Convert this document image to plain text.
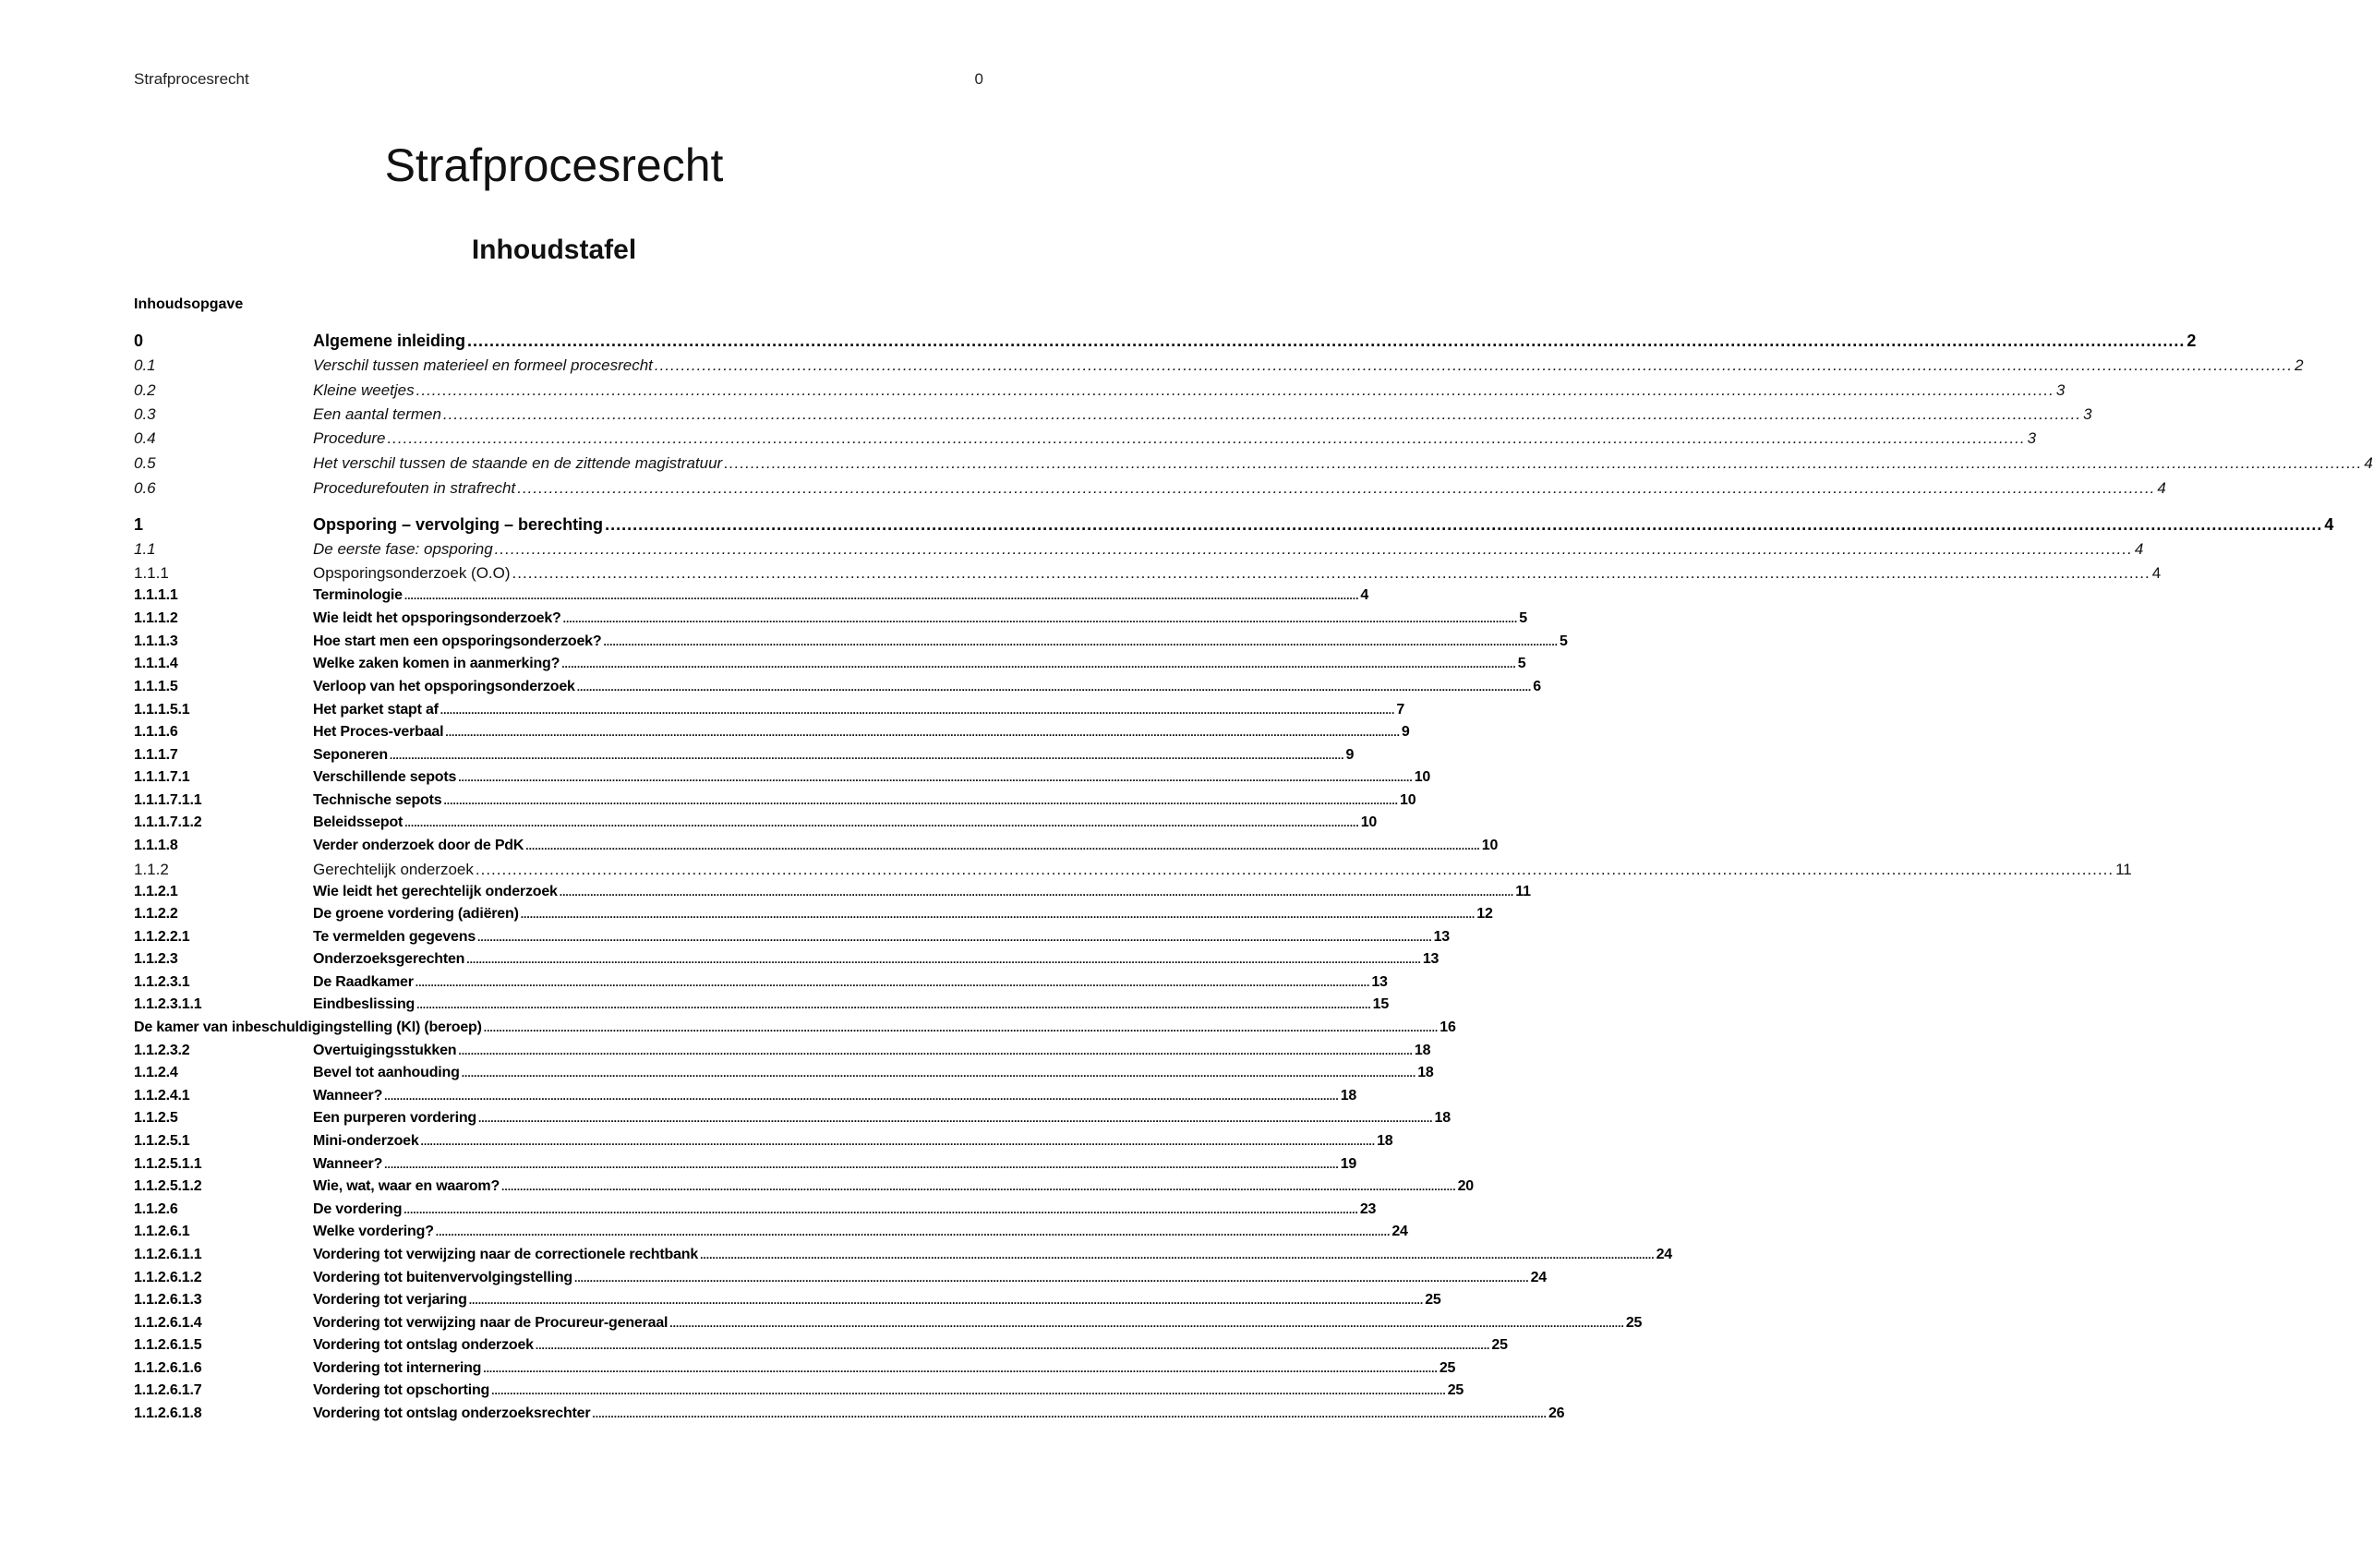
Strafprocesrecht	0
Strafprocesrecht
Inhoudstafel
Inhoudsopgave
0	Algemene inleiding .....	2
0.1	Verschil tussen materieel en formeel procesrecht .....	2
0.2	Kleine weetjes .....	3
0.3	Een aantal termen .....	3
0.4	Procedure .....	3
0.5	Het verschil tussen de staande en de zittende magistratuur .....	4
0.6	Procedurefouten in strafrecht .....	4
1	Opsporing – vervolging – berechting .....	4
1.1	De eerste fase: opsporing .....	4
1.1.1	Opsporingsonderzoek (O.O) .....	4
1.1.1.1	Terminologie .....	4
1.1.1.2	Wie leidt het opsporingsonderzoek? .....	5
1.1.1.3	Hoe start men een opsporingsonderzoek? .....	5
1.1.1.4	Welke zaken komen in aanmerking? .....	5
1.1.1.5	Verloop van het opsporingsonderzoek .....	6
1.1.1.5.1	Het parket stapt af .....	7
1.1.1.6	Het Proces-verbaal .....	9
1.1.1.7	Seponeren .....	9
1.1.1.7.1	Verschillende sepots .....	10
1.1.1.7.1.1	Technische sepots .....	10
1.1.1.7.1.2	Beleidssepot .....	10
1.1.1.8	Verder onderzoek door de PdK .....	10
1.1.2	Gerechtelijk onderzoek .....	11
1.1.2.1	Wie leidt het gerechtelijk onderzoek .....	11
1.1.2.2	De groene vordering (adiëren) .....	12
1.1.2.2.1	Te vermelden gegevens .....	13
1.1.2.3	Onderzoeksgerechten .....	13
1.1.2.3.1	De Raadkamer .....	13
1.1.2.3.1.1	Eindbeslissing .....	15
De kamer van inbeschuldigingstelling (KI) (beroep) .....	16
1.1.2.3.2	Overtuigingsstukken .....	18
1.1.2.4	Bevel tot aanhouding .....	18
1.1.2.4.1	Wanneer? .....	18
1.1.2.5	Een purperen vordering .....	18
1.1.2.5.1	Mini-onderzoek .....	18
1.1.2.5.1.1	Wanneer? .....	19
1.1.2.5.1.2	Wie, wat, waar en waarom? .....	20
1.1.2.6	De vordering .....	23
1.1.2.6.1	Welke vordering? .....	24
1.1.2.6.1.1	Vordering tot verwijzing naar de correctionele rechtbank .....	24
1.1.2.6.1.2	Vordering tot buitenvervolgingstelling .....	24
1.1.2.6.1.3	Vordering tot verjaring .....	25
1.1.2.6.1.4	Vordering tot verwijzing naar de Procureur-generaal .....	25
1.1.2.6.1.5	Vordering tot ontslag onderzoek .....	25
1.1.2.6.1.6	Vordering tot internering .....	25
1.1.2.6.1.7	Vordering tot opschorting .....	25
1.1.2.6.1.8	Vordering tot ontslag onderzoeksrechter .....	26
